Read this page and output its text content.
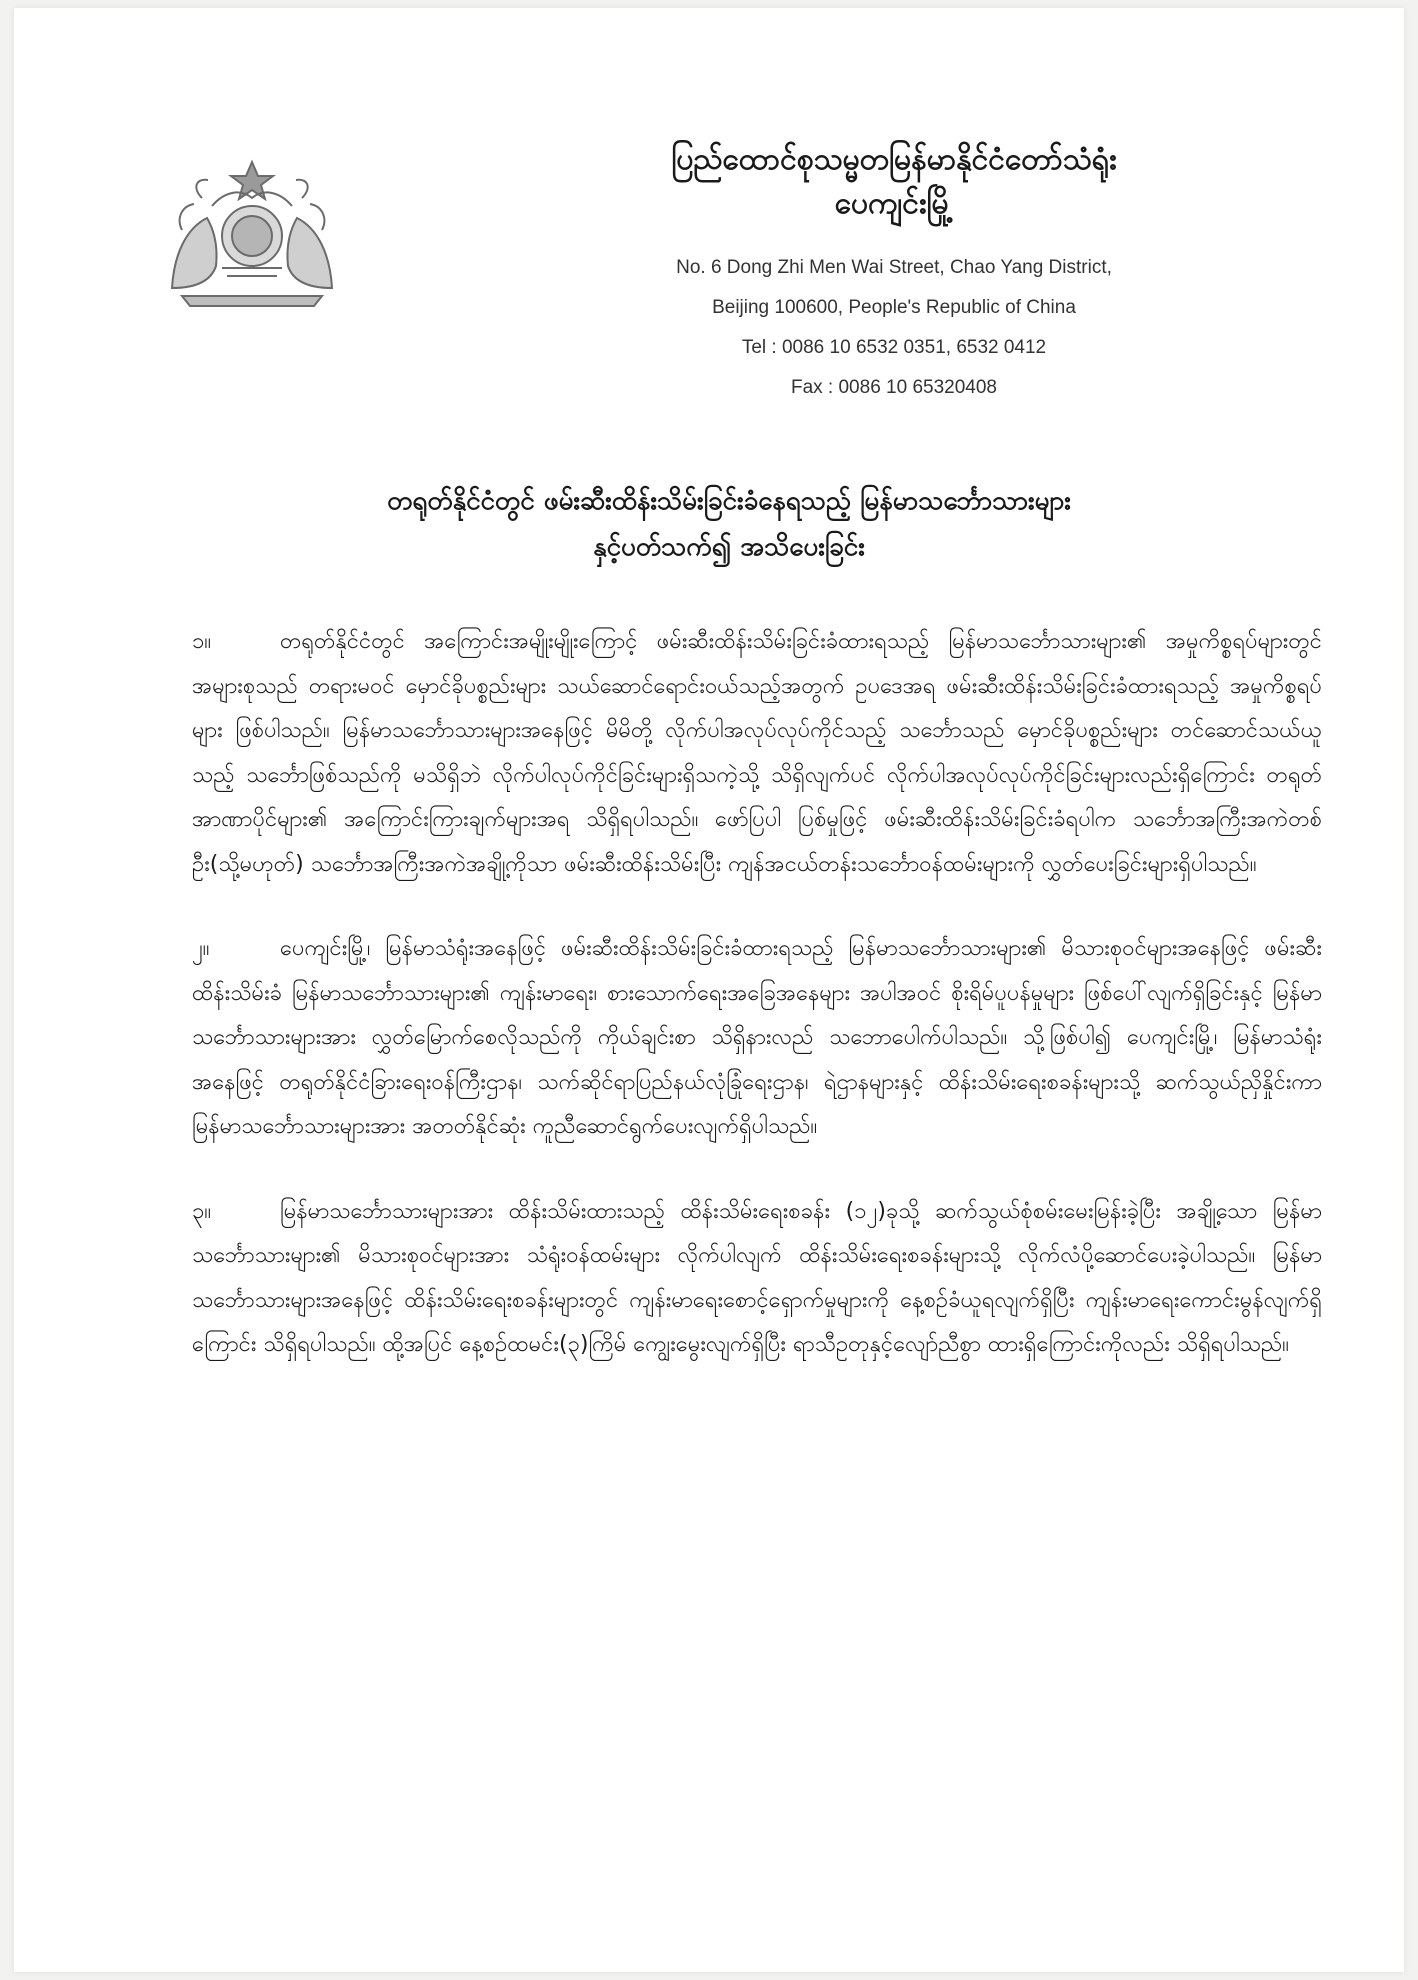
ပြည်ထောင်စုသမ္မတမြန်မာနိုင်ငံတော်သံရုံး
ပေကျင်းမြို့
No. 6 Dong Zhi Men Wai Street, Chao Yang District,
Beijing 100600, People's Republic of China
Tel : 0086 10 6532 0351, 6532 0412
Fax : 0086 10 65320408
တရုတ်နိုင်ငံတွင် ဖမ်းဆီးထိန်းသိမ်းခြင်းခံနေရသည့် မြန်မာသင်္ဘောသားများ
နှင့်ပတ်သက်၍ အသိပေးခြင်း

၁။	တရုတ်နိုင်ငံတွင် အကြောင်းအမျိုးမျိုးကြောင့် ဖမ်းဆီးထိန်းသိမ်းခြင်းခံထားရသည့် မြန်မာသင်္ဘောသားများ၏ အမှုကိစ္စရပ်များတွင် အများစုသည် တရားမဝင် မှောင်ခိုပစ္စည်းများ သယ်ဆောင်ရောင်းဝယ်သည့်အတွက် ဥပဒေအရ ဖမ်းဆီးထိန်းသိမ်းခြင်းခံထားရသည့် အမှုကိစ္စရပ်များ ဖြစ်ပါသည်။ မြန်မာသင်္ဘောသားများအနေဖြင့် မိမိတို့ လိုက်ပါအလုပ်လုပ်ကိုင်သည့် သင်္ဘောသည် မှောင်ခိုပစ္စည်းများ တင်ဆောင်သယ်ယူသည့် သင်္ဘောဖြစ်သည်ကို မသိရှိဘဲ လိုက်ပါလုပ်ကိုင်ခြင်းများရှိသကဲ့သို့ သိရှိလျက်ပင် လိုက်ပါအလုပ်လုပ်ကိုင်ခြင်းများလည်းရှိကြောင်း တရုတ်အာဏာပိုင်များ၏ အကြောင်းကြားချက်များအရ သိရှိရပါသည်။ ဖော်ပြပါ ပြစ်မှုဖြင့် ဖမ်းဆီးထိန်းသိမ်းခြင်းခံရပါက သင်္ဘောအကြီးအကဲတစ်ဦး(သို့မဟုတ်) သင်္ဘောအကြီးအကဲအချို့ကိုသာ ဖမ်းဆီးထိန်းသိမ်းပြီး ကျန်အငယ်တန်းသင်္ဘောဝန်ထမ်းများကို လွှတ်ပေးခြင်းများရှိပါသည်။

၂။	ပေကျင်းမြို့၊ မြန်မာသံရုံးအနေဖြင့် ဖမ်းဆီးထိန်းသိမ်းခြင်းခံထားရသည့် မြန်မာသင်္ဘောသားများ၏ မိသားစုဝင်များအနေဖြင့် ဖမ်းဆီးထိန်းသိမ်းခံ မြန်မာသင်္ဘောသားများ၏ ကျန်းမာရေး၊ စားသောက်ရေးအခြေအနေများ အပါအဝင် စိုးရိမ်ပူပန်မှုများ ဖြစ်ပေါ်လျက်ရှိခြင်းနှင့် မြန်မာသင်္ဘောသားများအား လွှတ်မြောက်စေလိုသည်ကို ကိုယ်ချင်းစာ သိရှိနားလည် သဘောပေါက်ပါသည်။ သို့ဖြစ်ပါ၍ ပေကျင်းမြို့၊ မြန်မာသံရုံးအနေဖြင့် တရုတ်နိုင်ငံခြားရေးဝန်ကြီးဌာန၊ သက်ဆိုင်ရာပြည်နယ်လုံခြုံရေးဌာန၊ ရဲဌာနများနှင့် ထိန်းသိမ်းရေးစခန်းများသို့ ဆက်သွယ်ညှိနှိုင်းကာ မြန်မာသင်္ဘောသားများအား အတတ်နိုင်ဆုံး ကူညီဆောင်ရွက်ပေးလျက်ရှိပါသည်။

၃။	မြန်မာသင်္ဘောသားများအား ထိန်းသိမ်းထားသည့် ထိန်းသိမ်းရေးစခန်း (၁၂)ခုသို့ ဆက်သွယ်စုံစမ်းမေးမြန်းခဲ့ပြီး အချို့သော မြန်မာသင်္ဘောသားများ၏ မိသားစုဝင်များအား သံရုံးဝန်ထမ်းများ လိုက်ပါလျက် ထိန်းသိမ်းရေးစခန်းများသို့ လိုက်လံပို့ဆောင်ပေးခဲ့ပါသည်။ မြန်မာသင်္ဘောသားများအနေဖြင့် ထိန်းသိမ်းရေးစခန်းများတွင် ကျန်းမာရေးစောင့်ရှောက်မှုများကို နေ့စဉ်ခံယူရလျက်ရှိပြီး ကျန်းမာရေးကောင်းမွန်လျက်ရှိကြောင်း သိရှိရပါသည်။ ထို့အပြင် နေ့စဉ်ထမင်း(၃)ကြိမ် ကျွေးမွေးလျက်ရှိပြီး ရာသီဥတုနှင့်လျော်ညီစွာ ထားရှိကြောင်းကိုလည်း သိရှိရပါသည်။
